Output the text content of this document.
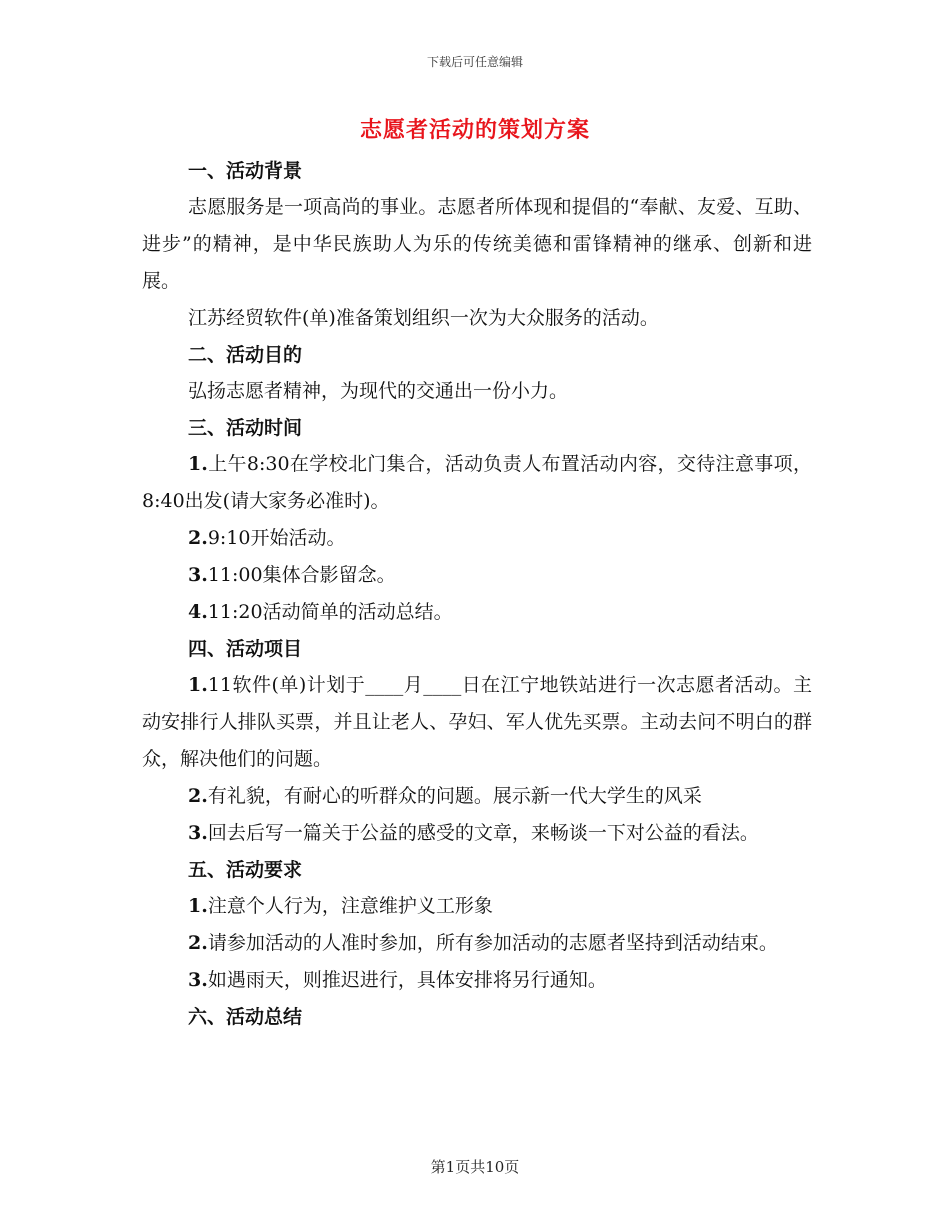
下载后可任意编辑
志愿者活动的策划方案
一、活动背景

志愿服务是一项高尚的事业。志愿者所体现和提倡的“奉献、友爱、互助、进步”的精神，是中华民族助人为乐的传统美德和雷锋精神的继承、创新和进展。

江苏经贸软件(单)准备策划组织一次为大众服务的活动。

二、活动目的

弘扬志愿者精神，为现代的交通出一份小力。

三、活动时间

1.上午8:30在学校北门集合，活动负责人布置活动内容，交待注意事项，8:40出发(请大家务必准时)。

2.9:10开始活动。

3.11:00集体合影留念。

4.11:20活动简单的活动总结。

四、活动项目

1.11软件(单)计划于____月____日在江宁地铁站进行一次志愿者活动。主动安排行人排队买票，并且让老人、孕妇、军人优先买票。主动去问不明白的群众，解决他们的问题。

2.有礼貌，有耐心的听群众的问题。展示新一代大学生的风采

3.回去后写一篇关于公益的感受的文章，来畅谈一下对公益的看法。

五、活动要求

1.注意个人行为，注意维护义工形象

2.请参加活动的人准时参加，所有参加活动的志愿者坚持到活动结束。

3.如遇雨天，则推迟进行，具体安排将另行通知。

六、活动总结
第1页共10页
